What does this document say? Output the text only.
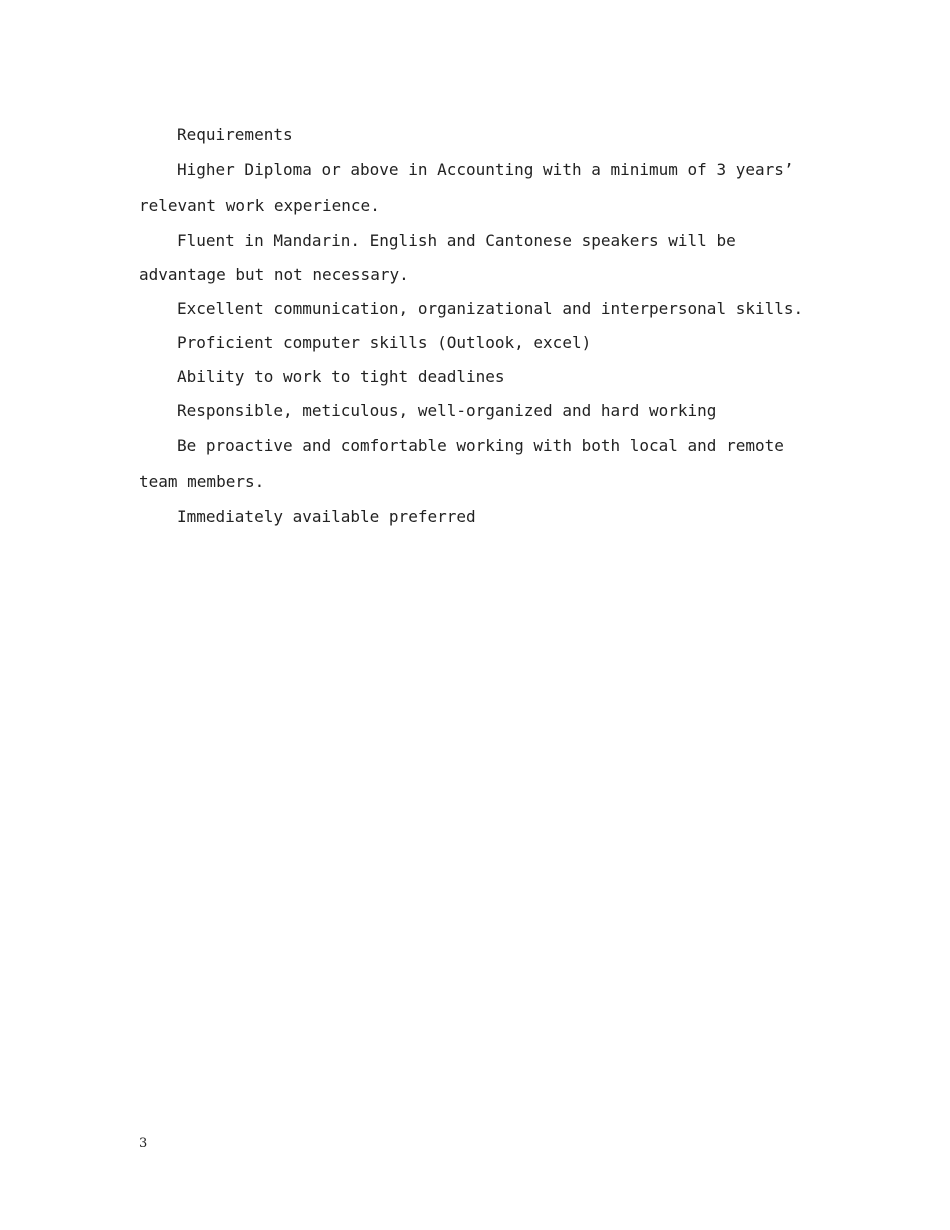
Requirements

Higher Diploma or above in Accounting with a minimum of 3 years’ relevant work experience.

Fluent in Mandarin. English and Cantonese speakers will be advantage but not necessary.

Excellent communication, organizational and interpersonal skills.

Proficient computer skills (Outlook, excel)

Ability to work to tight deadlines

Responsible, meticulous, well-organized and hard working

Be proactive and comfortable working with both local and remote team members.

Immediately available preferred

3
